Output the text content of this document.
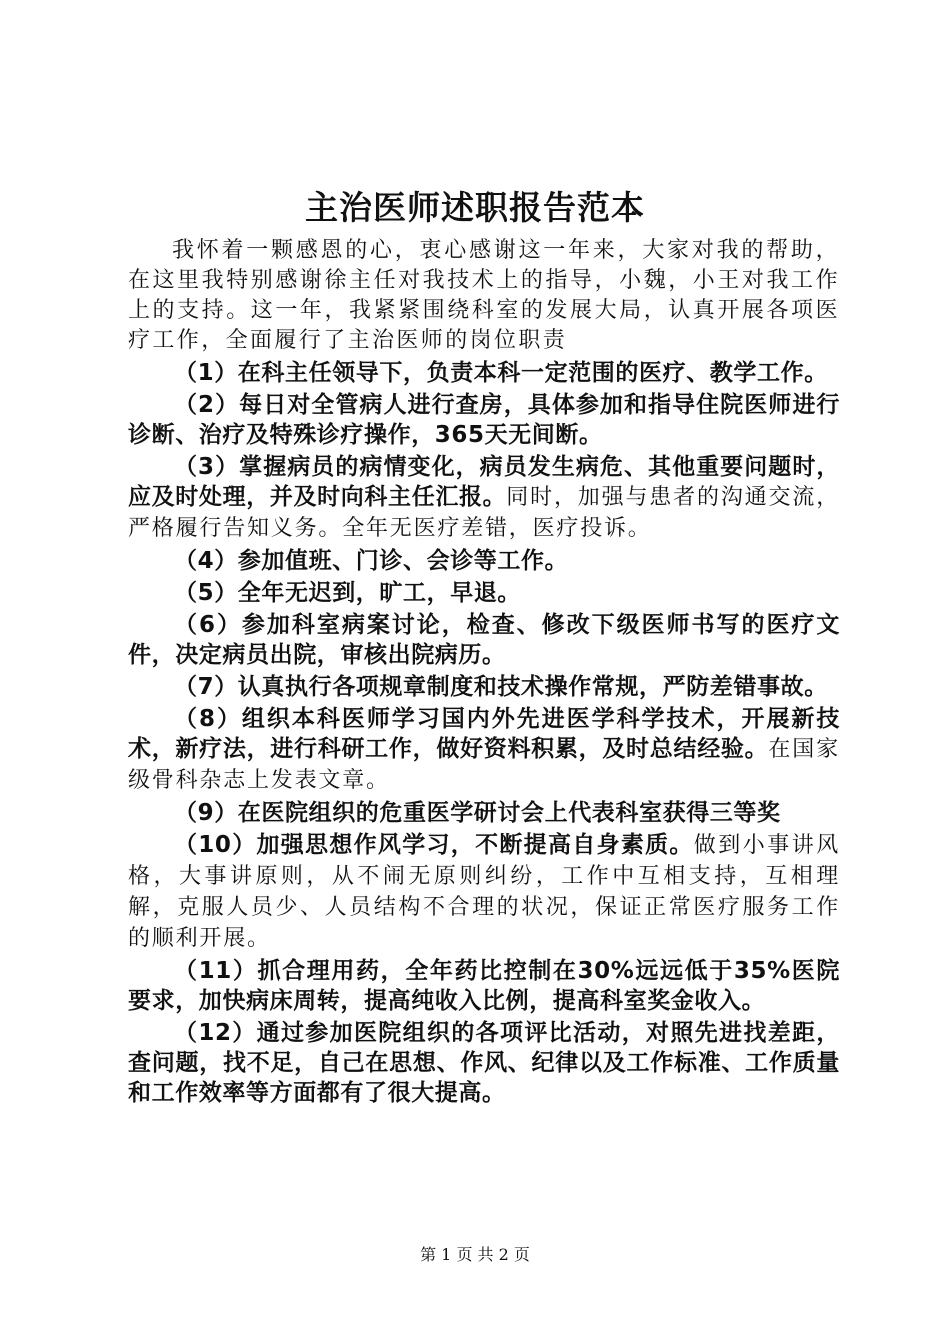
主治医师述职报告范本

我怀着一颗感恩的心，衷心感谢这一年来，大家对我的帮助，在这里我特别感谢徐主任对我技术上的指导，小魏，小王对我工作上的支持。这一年，我紧紧围绕科室的发展大局，认真开展各项医疗工作，全面履行了主治医师的岗位职责

（1）在科主任领导下，负责本科一定范围的医疗、教学工作。

（2）每日对全管病人进行查房，具体参加和指导住院医师进行诊断、治疗及特殊诊疗操作，365天无间断。

（3）掌握病员的病情变化，病员发生病危、其他重要问题时，应及时处理，并及时向科主任汇报。同时，加强与患者的沟通交流，严格履行告知义务。全年无医疗差错，医疗投诉。

（4）参加值班、门诊、会诊等工作。

（5）全年无迟到，旷工，早退。

（6）参加科室病案讨论，检查、修改下级医师书写的医疗文件，决定病员出院，审核出院病历。

（7）认真执行各项规章制度和技术操作常规，严防差错事故。

（8）组织本科医师学习国内外先进医学科学技术，开展新技术，新疗法，进行科研工作，做好资料积累，及时总结经验。在国家级骨科杂志上发表文章。

（9）在医院组织的危重医学研讨会上代表科室获得三等奖

（10）加强思想作风学习，不断提高自身素质。做到小事讲风格，大事讲原则，从不闹无原则纠纷，工作中互相支持，互相理解，克服人员少、人员结构不合理的状况，保证正常医疗服务工作的顺利开展。

（11）抓合理用药，全年药比控制在30%远远低于35%医院要求，加快病床周转，提高纯收入比例，提高科室奖金收入。

（12）通过参加医院组织的各项评比活动，对照先进找差距，查问题，找不足，自己在思想、作风、纪律以及工作标准、工作质量和工作效率等方面都有了很大提高。

第 1 页 共 2 页
